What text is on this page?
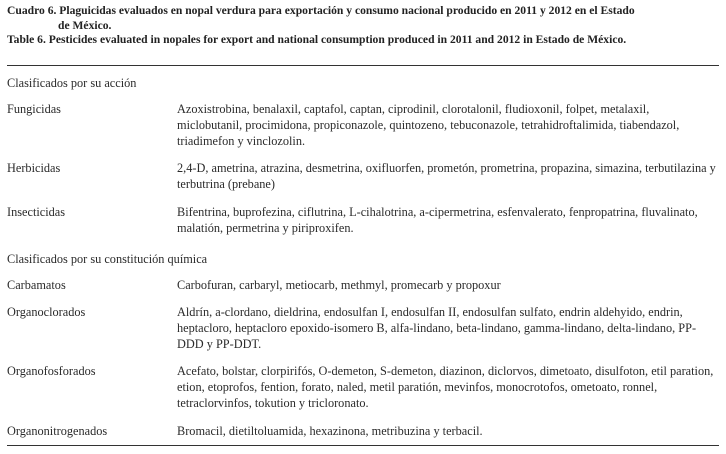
Cuadro 6. Plaguicidas evaluados en nopal verdura para exportación y consumo nacional producido en 2011 y 2012 en el Estado
de México.
Table 6. Pesticides evaluated in nopales for export and national consumption produced in 2011 and 2012 in Estado de México.
Clasificados por su acción
Fungicidas	Azoxistrobina, benalaxil, captafol, captan, ciprodinil, clorotalonil, fludioxonil, folpet, metalaxil, miclobutanil, procimidona, propiconazole, quintozeno, tebuconazole, tetrahidroftalimida, tiabendazol, triadimefon y vinclozolin.
Herbicidas	2,4-D, ametrina, atrazina, desmetrina, oxifluorfen, prometón, prometrina, propazina, simazina, terbutilazina y terbutrina (prebane)
Insecticidas	Bifentrina, buprofezina, ciflutrina, L-cihalotrina, a-cipermetrina, esfenvalerato, fenpropatrina, fluvalinato, malatión, permetrina y piriproxifen.
Clasificados por su constitución química
Carbamatos	Carbofuran, carbaryl, metiocarb, methmyl, promecarb y propoxur
Organoclorados	Aldrín, a-clordano, dieldrina, endosulfan I, endosulfan II, endosulfan sulfato, endrin aldehyido, endrin, heptacloro, heptacloro epoxido-isomero B, alfa-lindano, beta-lindano, gamma-lindano, delta-lindano, PP-DDD y PP-DDT.
Organofosforados	Acefato, bolstar, clorpirifós, O-demeton, S-demeton, diazinon, diclorvos, dimetoato, disulfoton, etil paration, etion, etoprofos, fention, forato, naled, metil paratión, mevinfos, monocrotofos, ometoato, ronnel, tetraclorvinfos, tokution y tricloronato.
Organonitrogenados	Bromacil, dietiltoluamida, hexazinona, metribuzina y terbacil.
